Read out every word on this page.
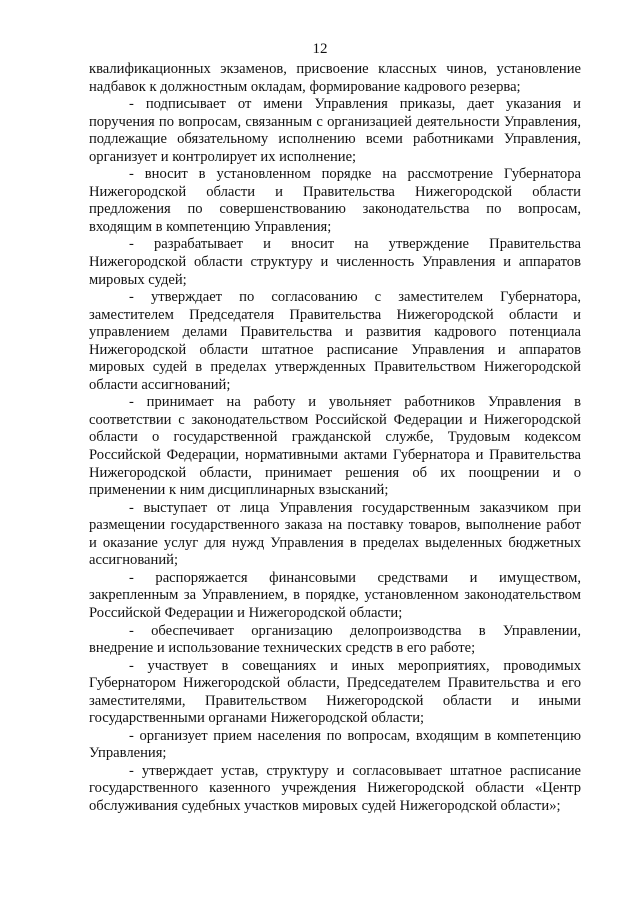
12

квалификационных экзаменов, присвоение классных чинов, установление надбавок к должностным окладам, формирование кадрового резерва;

- подписывает от имени Управления приказы, дает указания и поручения по вопросам, связанным с организацией деятельности Управления, подлежащие обязательному исполнению всеми работниками Управления, организует и контролирует их исполнение;

- вносит в установленном порядке на рассмотрение Губернатора Нижегородской области и Правительства Нижегородской области предложения по совершенствованию законодательства по вопросам, входящим в компетенцию Управления;

- разрабатывает и вносит на утверждение Правительства Нижегородской области структуру и численность Управления и аппаратов мировых судей;

- утверждает по согласованию с заместителем Губернатора, заместителем Председателя Правительства Нижегородской области и управлением делами Правительства и развития кадрового потенциала Нижегородской области штатное расписание Управления и аппаратов мировых судей в пределах утвержденных Правительством Нижегородской области ассигнований;

- принимает на работу и увольняет работников Управления в соответствии с законодательством Российской Федерации и Нижегородской области о государственной гражданской службе, Трудовым кодексом Российской Федерации, нормативными актами Губернатора и Правительства Нижегородской области, принимает решения об их поощрении и о применении к ним дисциплинарных взысканий;

- выступает от лица Управления государственным заказчиком при размещении государственного заказа на поставку товаров, выполнение работ и оказание услуг для нужд Управления в пределах выделенных бюджетных ассигнований;

- распоряжается финансовыми средствами и имуществом, закрепленным за Управлением, в порядке, установленном законодательством Российской Федерации и Нижегородской области;

- обеспечивает организацию делопроизводства в Управлении, внедрение и использование технических средств в его работе;

- участвует в совещаниях и иных мероприятиях, проводимых Губернатором Нижегородской области, Председателем Правительства и его заместителями, Правительством Нижегородской области и иными государственными органами Нижегородской области;

- организует прием населения по вопросам, входящим в компетенцию Управления;

- утверждает устав, структуру и согласовывает штатное расписание государственного казенного учреждения Нижегородской области «Центр обслуживания судебных участков мировых судей Нижегородской области»;
